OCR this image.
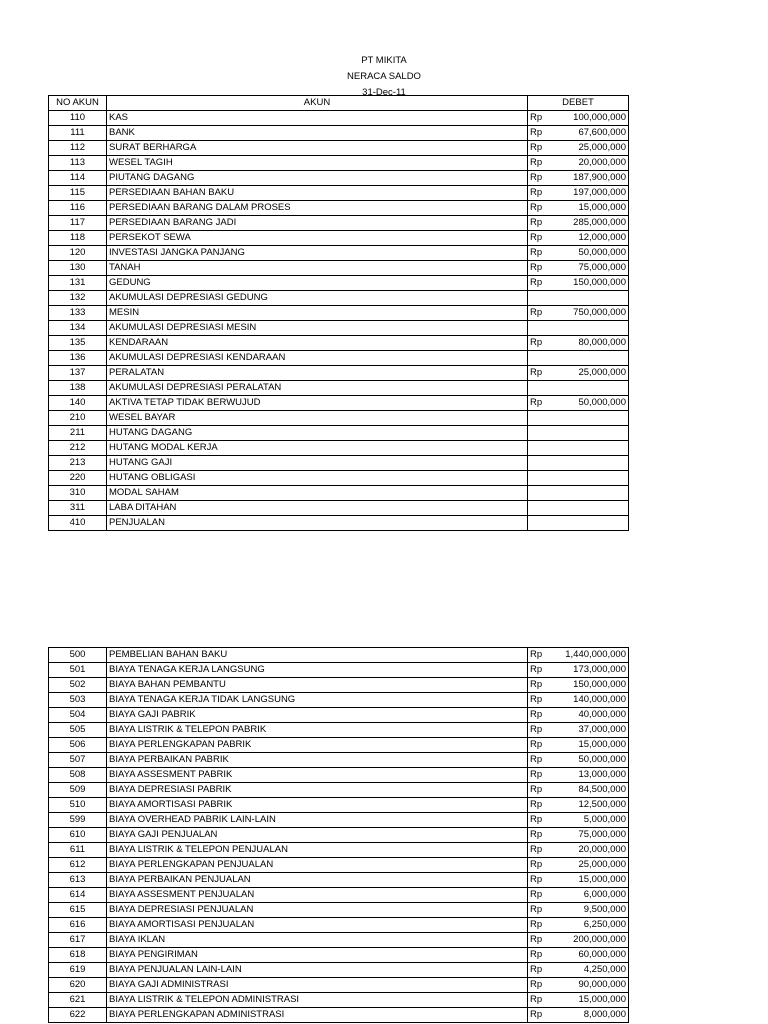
PT MIKITA
NERACA SALDO
31-Dec-11
NO AKUN	AKUN	DEBET	
110	KAS	Rp	100,000,000
111	BANK	Rp	67,600,000
112	SURAT BERHARGA	Rp	25,000,000
113	WESEL TAGIH	Rp	20,000,000
114	PIUTANG DAGANG	Rp	187,900,000
115	PERSEDIAAN BAHAN BAKU	Rp	197,000,000
116	PERSEDIAAN BARANG DALAM PROSES	Rp	15,000,000
117	PERSEDIAAN BARANG JADI	Rp	285,000,000
118	PERSEKOT SEWA	Rp	12,000,000
120	INVESTASI JANGKA PANJANG	Rp	50,000,000
130	TANAH	Rp	75,000,000
131	GEDUNG	Rp	150,000,000
132	AKUMULASI DEPRESIASI GEDUNG		
133	MESIN	Rp	750,000,000
134	AKUMULASI DEPRESIASI MESIN		
135	KENDARAAN	Rp	80,000,000
136	AKUMULASI DEPRESIASI KENDARAAN		
137	PERALATAN	Rp	25,000,000
138	AKUMULASI DEPRESIASI PERALATAN		
140	AKTIVA TETAP TIDAK BERWUJUD	Rp	50,000,000
210	WESEL BAYAR		
211	HUTANG DAGANG		
212	HUTANG MODAL KERJA		
213	HUTANG GAJI		
220	HUTANG OBLIGASI		
310	MODAL SAHAM		
311	LABA DITAHAN		
410	PENJUALAN		
500	PEMBELIAN BAHAN BAKU	Rp	1,440,000,000
501	BIAYA TENAGA KERJA LANGSUNG	Rp	173,000,000
502	BIAYA BAHAN PEMBANTU	Rp	150,000,000
503	BIAYA TENAGA KERJA TIDAK LANGSUNG	Rp	140,000,000
504	BIAYA GAJI PABRIK	Rp	40,000,000
505	BIAYA LISTRIK & TELEPON PABRIK	Rp	37,000,000
506	BIAYA PERLENGKAPAN PABRIK	Rp	15,000,000
507	BIAYA PERBAIKAN PABRIK	Rp	50,000,000
508	BIAYA ASSESMENT PABRIK	Rp	13,000,000
509	BIAYA DEPRESIASI PABRIK	Rp	84,500,000
510	BIAYA AMORTISASI PABRIK	Rp	12,500,000
599	BIAYA OVERHEAD PABRIK LAIN-LAIN	Rp	5,000,000
610	BIAYA GAJI PENJUALAN	Rp	75,000,000
611	BIAYA LISTRIK & TELEPON PENJUALAN	Rp	20,000,000
612	BIAYA PERLENGKAPAN PENJUALAN	Rp	25,000,000
613	BIAYA PERBAIKAN PENJUALAN	Rp	15,000,000
614	BIAYA ASSESMENT PENJUALAN	Rp	6,000,000
615	BIAYA DEPRESIASI PENJUALAN	Rp	9,500,000
616	BIAYA AMORTISASI PENJUALAN	Rp	6,250,000
617	BIAYA IKLAN	Rp	200,000,000
618	BIAYA PENGIRIMAN	Rp	60,000,000
619	BIAYA PENJUALAN LAIN-LAIN	Rp	4,250,000
620	BIAYA GAJI ADMINISTRASI	Rp	90,000,000
621	BIAYA LISTRIK & TELEPON ADMINISTRASI	Rp	15,000,000
622	BIAYA PERLENGKAPAN ADMINISTRASI	Rp	8,000,000
